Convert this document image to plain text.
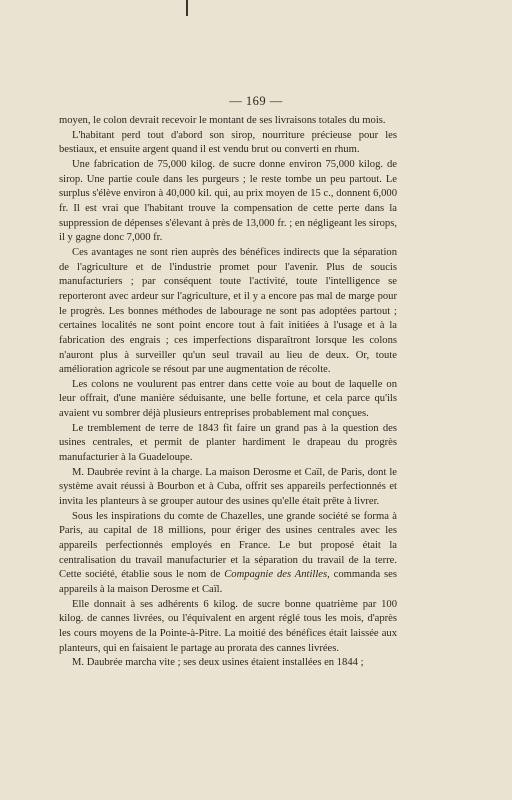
— 169 —

moyen, le colon devrait recevoir le montant de ses livraisons totales du mois.

L'habitant perd tout d'abord son sirop, nourriture précieuse pour les bestiaux, et ensuite argent quand il est vendu brut ou converti en rhum.

Une fabrication de 75,000 kilog. de sucre donne environ 75,000 kilog. de sirop. Une partie coule dans les purgeurs ; le reste tombe un peu partout. Le surplus s'élève environ à 40,000 kil. qui, au prix moyen de 15 c., donnent 6,000 fr. Il est vrai que l'habitant trouve la compensation de cette perte dans la suppression de dépenses s'élevant à près de 13,000 fr. ; en négligeant les sirops, il y gagne donc 7,000 fr.

Ces avantages ne sont rien auprès des bénéfices indirects que la séparation de l'agriculture et de l'industrie promet pour l'avenir. Plus de soucis manufacturiers ; par conséquent toute l'activité, toute l'intelligence se reporteront avec ardeur sur l'agriculture, et il y a encore pas mal de marge pour le progrès. Les bonnes méthodes de labourage ne sont pas adoptées partout ; certaines localités ne sont point encore tout à fait initiées à l'usage et à la fabrication des engrais ; ces imperfections disparaîtront lorsque les colons n'auront plus à surveiller qu'un seul travail au lieu de deux. Or, toute amélioration agricole se résout par une augmentation de récolte.

Les colons ne voulurent pas entrer dans cette voie au bout de laquelle on leur offrait, d'une manière séduisante, une belle fortune, et cela parce qu'ils avaient vu sombrer déjà plusieurs entreprises probablement mal conçues.

Le tremblement de terre de 1843 fit faire un grand pas à la question des usines centrales, et permit de planter hardiment le drapeau du progrès manufacturier à la Guadeloupe.

M. Daubrée revint à la charge. La maison Derosme et Caïl, de Paris, dont le système avait réussi à Bourbon et à Cuba, offrit ses appareils perfectionnés et invita les planteurs à se grouper autour des usines qu'elle était prête à livrer.

Sous les inspirations du comte de Chazelles, une grande société se forma à Paris, au capital de 18 millions, pour ériger des usines centrales avec les appareils perfectionnés employés en France. Le but proposé était la centralisation du travail manufacturier et la séparation du travail de la terre. Cette société, établie sous le nom de Compagnie des Antilles, commanda ses appareils à la maison Derosme et Caïl.

Elle donnait à ses adhérents 6 kilog. de sucre bonne quatrième par 100 kilog. de cannes livrées, ou l'équivalent en argent réglé tous les mois, d'après les cours moyens de la Pointe-à-Pitre. La moitié des bénéfices était laissée aux planteurs, qui en faisaient le partage au prorata des cannes livrées.

M. Daubrée marcha vite ; ses deux usines étaient installées en 1844 ;
